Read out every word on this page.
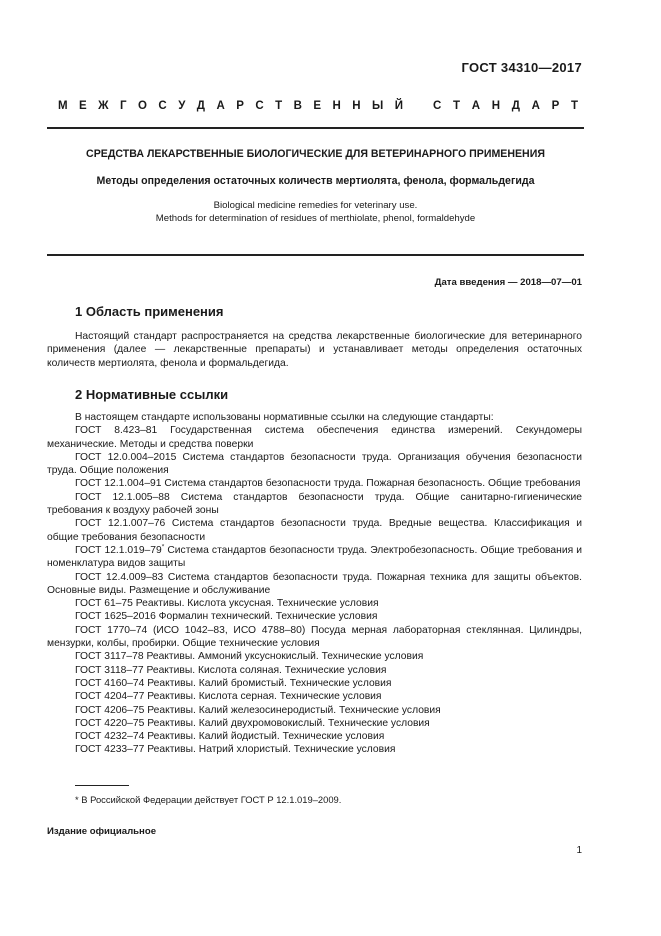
ГОСТ 34310—2017
М Е Ж Г О С У Д А Р С Т В Е Н Н Ы Й	С Т А Н Д А Р Т
СРЕДСТВА ЛЕКАРСТВЕННЫЕ БИОЛОГИЧЕСКИЕ ДЛЯ ВЕТЕРИНАРНОГО ПРИМЕНЕНИЯ
Методы определения остаточных количеств мертиолята, фенола, формальдегида
Biological medicine remedies for veterinary use.
Methods for determination of residues of merthiolate, phenol, formaldehyde
Дата введения — 2018—07—01
1 Область применения
Настоящий стандарт распространяется на средства лекарственные биологические для ветеринарного применения (далее — лекарственные препараты) и устанавливает методы определения остаточных количеств мертиолята, фенола и формальдегида.
2 Нормативные ссылки
В настоящем стандарте использованы нормативные ссылки на следующие стандарты:
ГОСТ 8.423–81 Государственная система обеспечения единства измерений. Секундомеры механические. Методы и средства поверки
ГОСТ 12.0.004–2015 Система стандартов безопасности труда. Организация обучения безопасности труда. Общие положения
ГОСТ 12.1.004–91 Система стандартов безопасности труда. Пожарная безопасность. Общие требования
ГОСТ 12.1.005–88 Система стандартов безопасности труда. Общие санитарно-гигиенические требования к воздуху рабочей зоны
ГОСТ 12.1.007–76 Система стандартов безопасности труда. Вредные вещества. Классификация и общие требования безопасности
ГОСТ 12.1.019–79* Система стандартов безопасности труда. Электробезопасность. Общие требования и номенклатура видов защиты
ГОСТ 12.4.009–83 Система стандартов безопасности труда. Пожарная техника для защиты объектов. Основные виды. Размещение и обслуживание
ГОСТ 61–75 Реактивы. Кислота уксусная. Технические условия
ГОСТ 1625–2016 Формалин технический. Технические условия
ГОСТ 1770–74 (ИСО 1042–83, ИСО 4788–80) Посуда мерная лабораторная стеклянная. Цилиндры, мензурки, колбы, пробирки. Общие технические условия
ГОСТ 3117–78 Реактивы. Аммоний уксуснокислый. Технические условия
ГОСТ 3118–77 Реактивы. Кислота соляная. Технические условия
ГОСТ 4160–74 Реактивы. Калий бромистый. Технические условия
ГОСТ 4204–77 Реактивы. Кислота серная. Технические условия
ГОСТ 4206–75 Реактивы. Калий железосинеродистый. Технические условия
ГОСТ 4220–75 Реактивы. Калий двухромовокислый. Технические условия
ГОСТ 4232–74 Реактивы. Калий йодистый. Технические условия
ГОСТ 4233–77 Реактивы. Натрий хлористый. Технические условия
* В Российской Федерации действует ГОСТ Р 12.1.019–2009.
Издание официальное
1
